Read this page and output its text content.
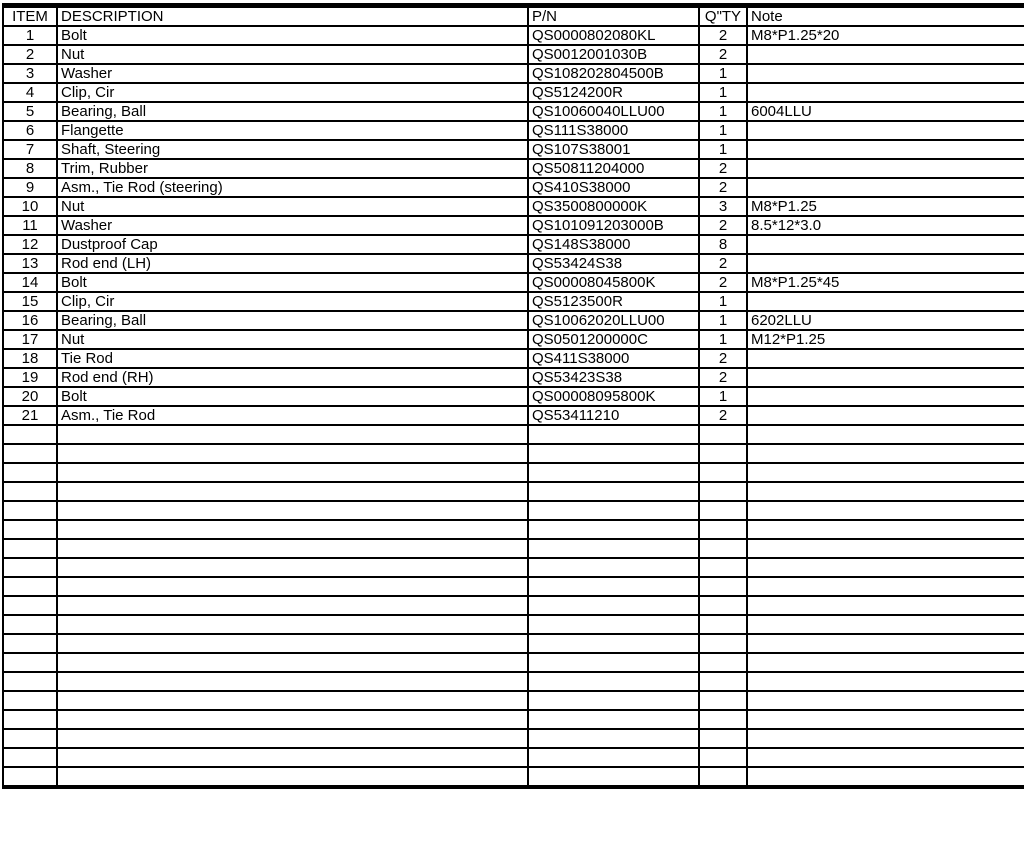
ITEM	DESCRIPTION	P/N	Q"TY	Note
1	Bolt	QS0000802080KL	2	M8*P1.25*20
2	Nut	QS0012001030B	2	
3	Washer	QS108202804500B	1	
4	Clip, Cir	QS5124200R	1	
5	Bearing, Ball	QS10060040LLU00	1	6004LLU
6	Flangette	QS111S38000	1	
7	Shaft, Steering	QS107S38001	1	
8	Trim, Rubber	QS50811204000	2	
9	Asm., Tie Rod (steering)	QS410S38000	2	
10	Nut	QS3500800000K	3	M8*P1.25
11	Washer	QS101091203000B	2	8.5*12*3.0
12	Dustproof Cap	QS148S38000	8	
13	Rod end (LH)	QS53424S38	2	
14	Bolt	QS00008045800K	2	M8*P1.25*45
15	Clip, Cir	QS5123500R	1	
16	Bearing, Ball	QS10062020LLU00	1	6202LLU
17	Nut	QS0501200000C	1	M12*P1.25
18	Tie Rod	QS411S38000	2	
19	Rod end (RH)	QS53423S38	2	
20	Bolt	QS00008095800K	1	
21	Asm., Tie Rod	QS53411210	2	
